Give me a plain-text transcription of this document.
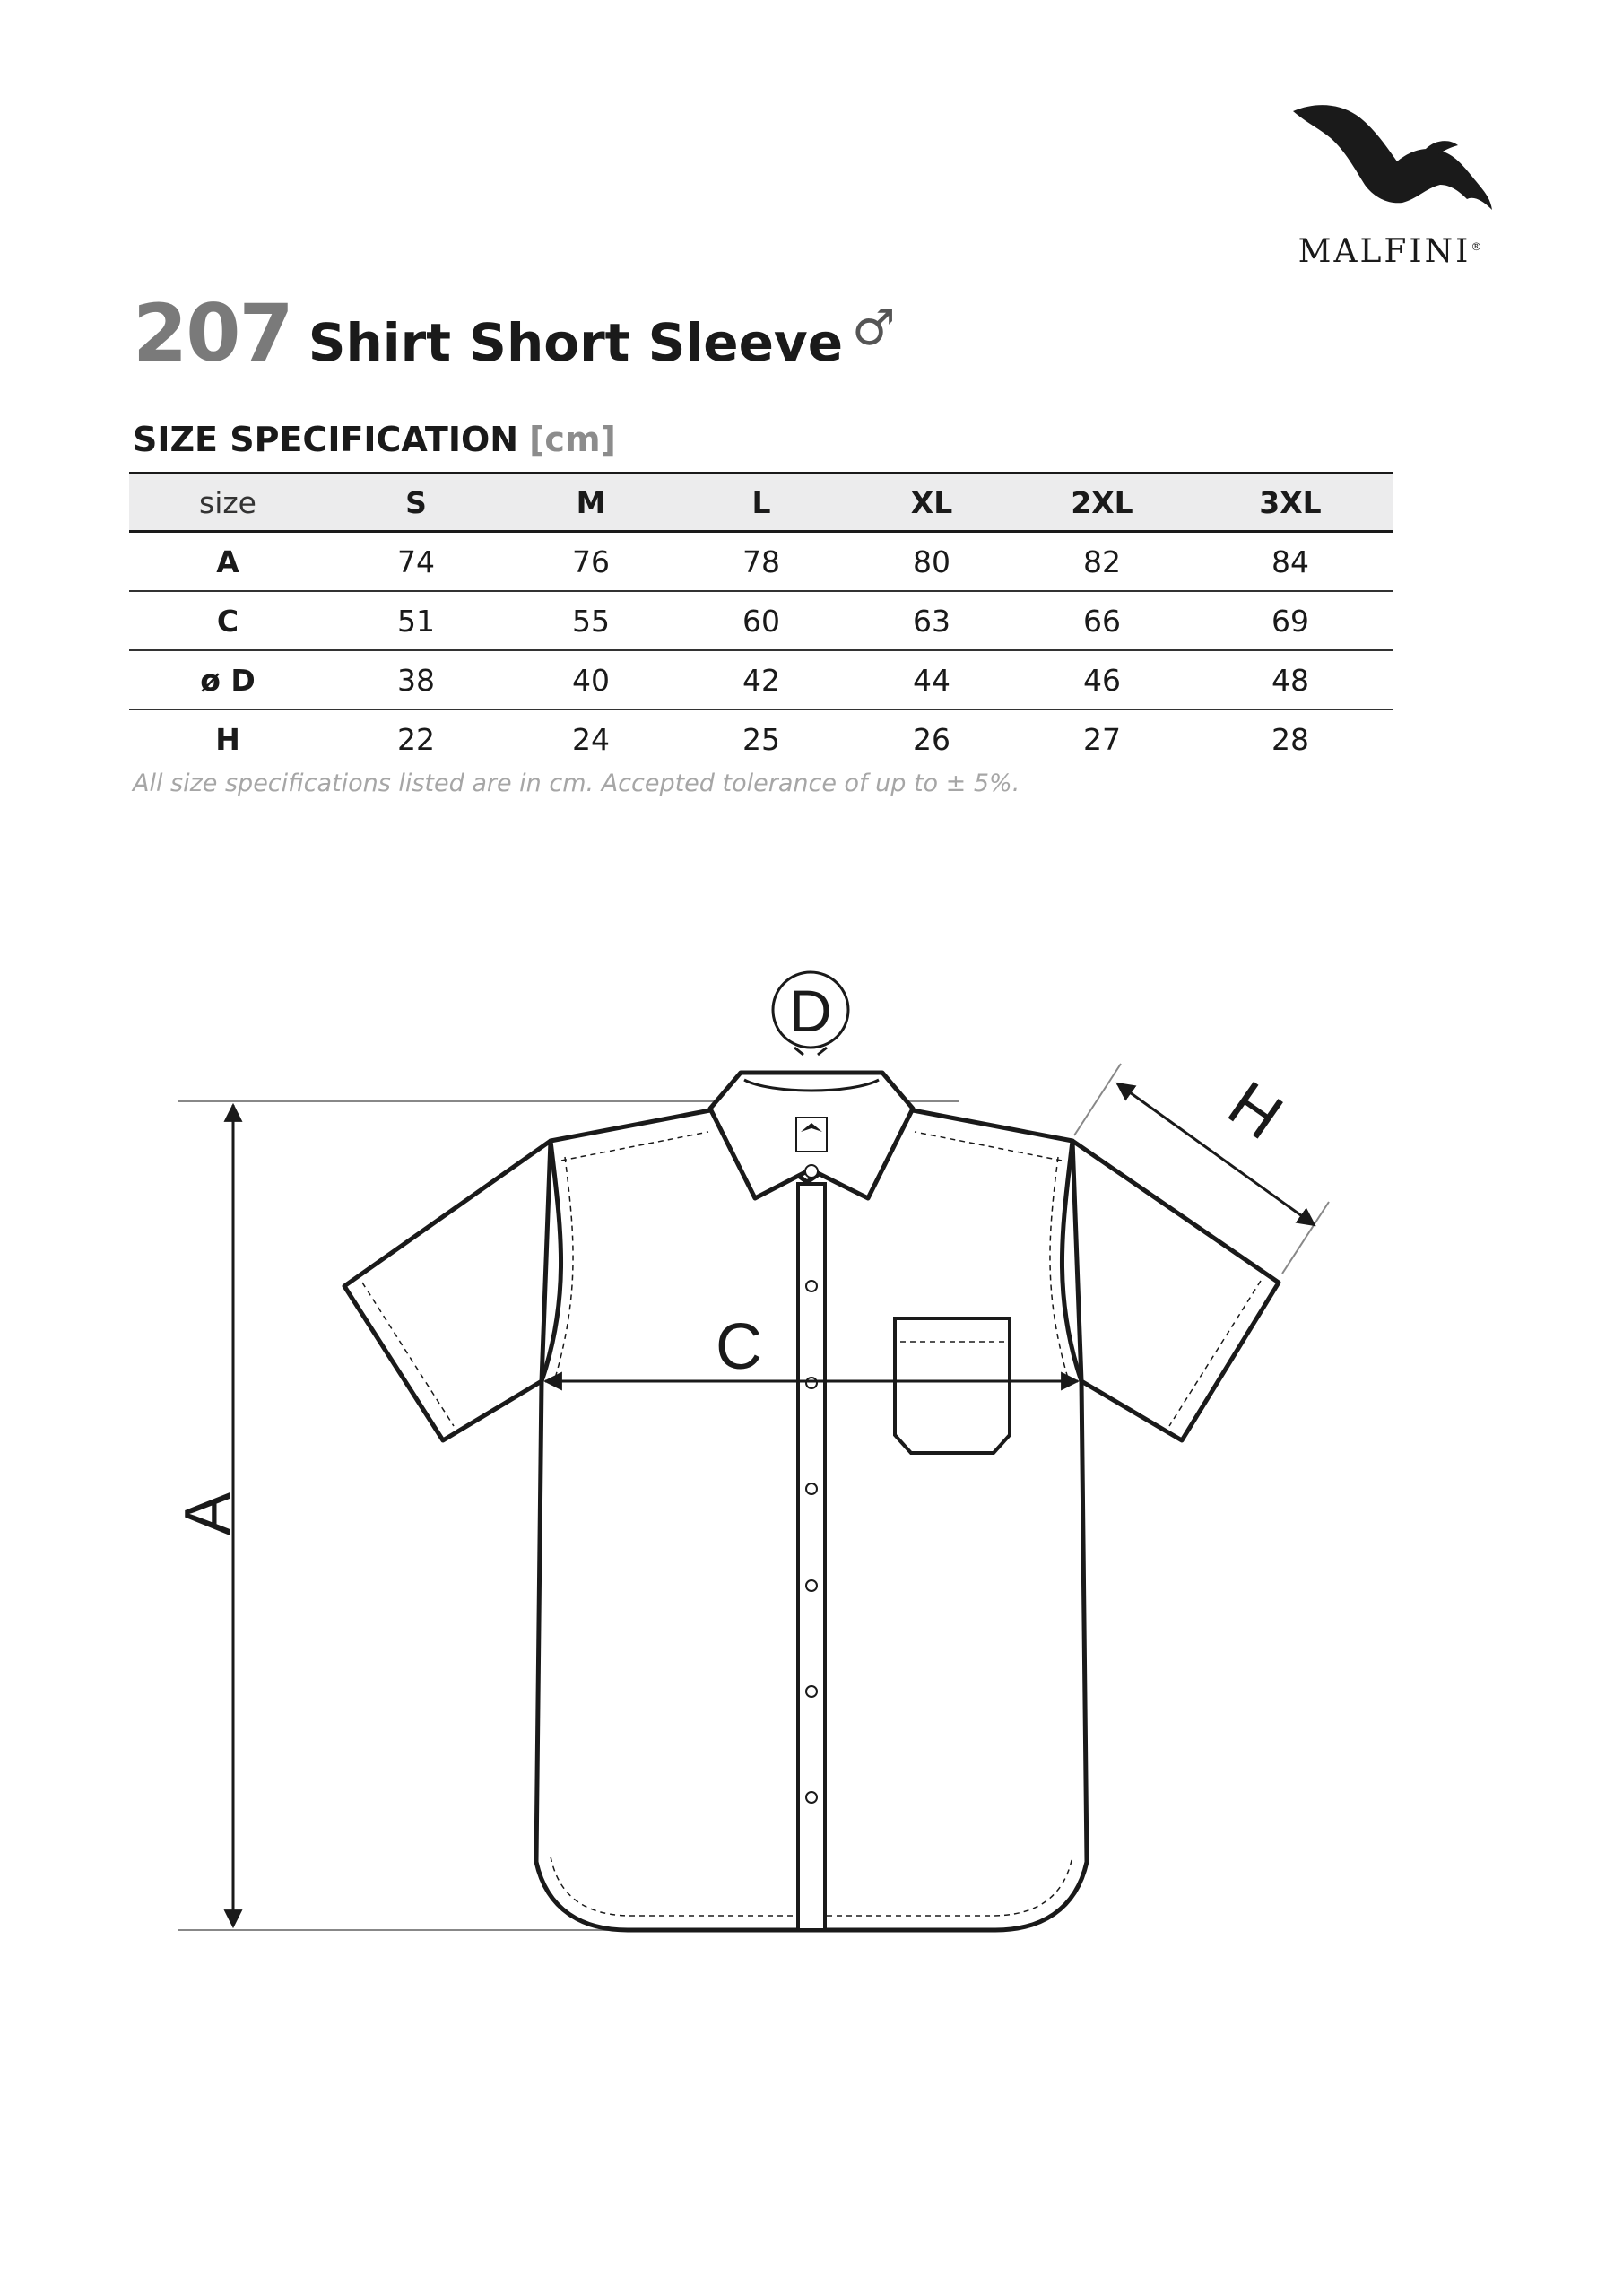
MALFINI®
207 Shirt Short Sleeve ♂
SIZE SPECIFICATION [cm]
size	S	M	L	XL	2XL	3XL
A	74	76	78	80	82	84
C	51	55	60	63	66	69
ø D	38	40	42	44	46	48
H	22	24	25	26	27	28
All size specifications listed are in cm. Accepted tolerance of up to ± 5%.
A
C
D
H
